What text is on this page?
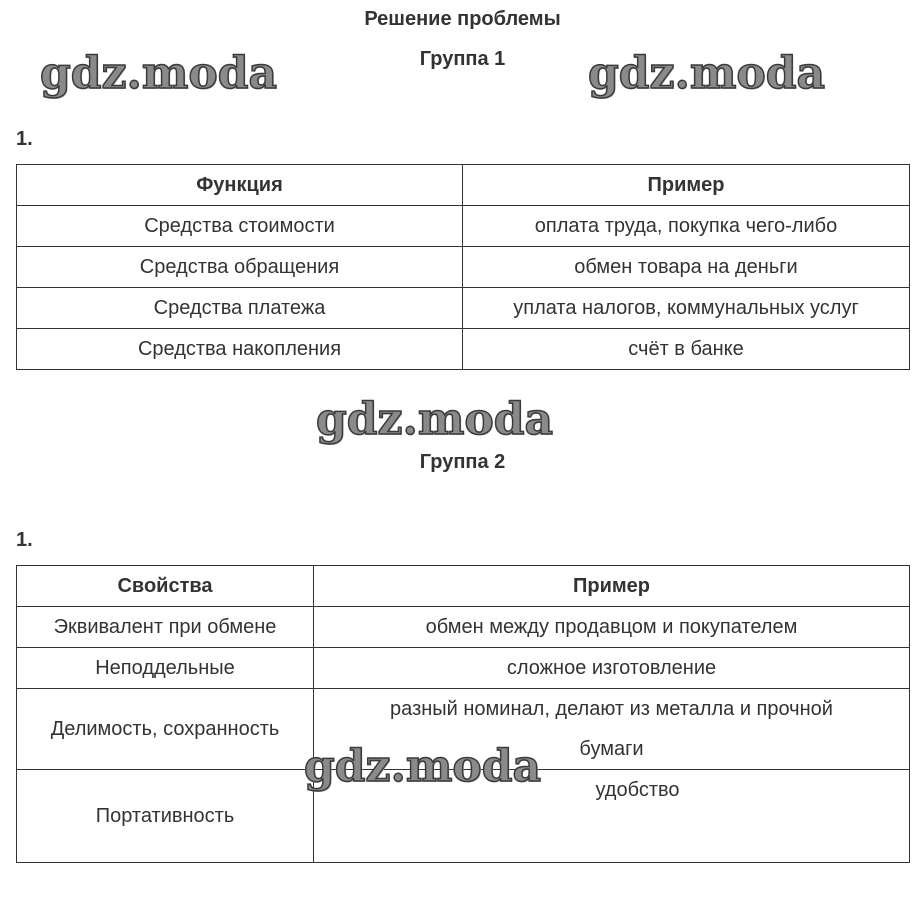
Решение проблемы
Группа 1
gdz.moda	gdz.moda
1.
Функция	Пример
Средства стоимости	оплата труда, покупка чего-либо
Средства обращения	обмен товара на деньги
Средства платежа	уплата налогов, коммунальных услуг
Средства накопления	счёт в банке
gdz.moda
Группа 2
1.
Свойства	Пример
Эквивалент при обмене	обмен между продавцом и покупателем
Неподдельные	сложное изготовление
Делимость, сохранность	разный номинал, делают из металла и прочной
бумаги

Портативность	удобство
gdz.moda
